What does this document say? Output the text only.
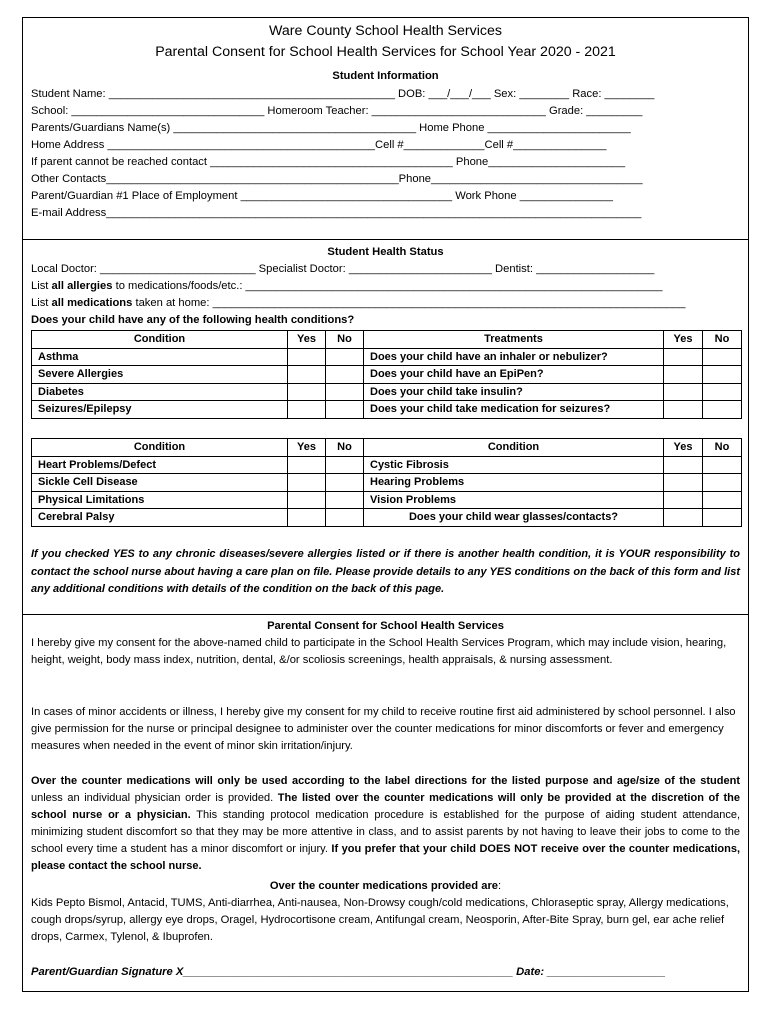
Ware County School Health Services
Parental Consent for School Health Services for School Year 2020 - 2021
Student Information
Student Name: ______________________________________________ DOB: ___/___/___ Sex: ________ Race: ________
School: _______________________________ Homeroom Teacher: ____________________________ Grade: _________
Parents/Guardians Name(s) _______________________________________ Home Phone _______________________
Home Address ___________________________________________Cell #_____________Cell #_______________
If parent cannot be reached contact _______________________________________ Phone______________________
Other Contacts_______________________________________________Phone__________________________________
Parent/Guardian #1 Place of Employment __________________________________ Work Phone _______________
E-mail Address______________________________________________________________________________________
Student Health Status
Local Doctor: _________________________ Specialist Doctor: _______________________ Dentist: ___________________
List all allergies to medications/foods/etc.: ___________________________________________________________________
List all medications taken at home: ____________________________________________________________________________
Does your child have any of the following health conditions?
Condition	Yes	No	Treatments	Yes	No
Asthma			Does your child have an inhaler or nebulizer?		
Severe Allergies			Does your child have an EpiPen?		
Diabetes			Does your child take insulin?		
Seizures/Epilepsy			Does your child take medication for seizures?		
Condition	Yes	No	Condition	Yes	No
Heart Problems/Defect			Cystic Fibrosis		
Sickle Cell Disease			Hearing Problems		
Physical Limitations			Vision Problems		
Cerebral Palsy			Does your child wear glasses/contacts?		
If you checked YES to any chronic diseases/severe allergies listed or if there is another health condition, it is YOUR responsibility to contact the school nurse about having a care plan on file. Please provide details to any YES conditions on the back of this form and list any additional conditions with details of the condition on the back of this page.
Parental Consent for School Health Services
I hereby give my consent for the above-named child to participate in the School Health Services Program, which may include vision, hearing, height, weight, body mass index, nutrition, dental, &/or scoliosis screenings, health appraisals, & nursing assessment.
In cases of minor accidents or illness, I hereby give my consent for my child to receive routine first aid administered by school personnel. I also give permission for the nurse or principal designee to administer over the counter medications for minor discomforts or fever and emergency measures when needed in the event of minor skin irritation/injury.
Over the counter medications will only be used according to the label directions for the listed purpose and age/size of the student unless an individual physician order is provided. The listed over the counter medications will only be provided at the discretion of the school nurse or a physician. This standing protocol medication procedure is established for the purpose of aiding student attendance, minimizing student discomfort so that they may be more attentive in class, and to assist parents by not having to leave their jobs to come to the school every time a student has a minor discomfort or injury. If you prefer that your child DOES NOT receive over the counter medications, please contact the school nurse.
Over the counter medications provided are:
Kids Pepto Bismol, Antacid, TUMS, Anti-diarrhea, Anti-nausea, Non-Drowsy cough/cold medications, Chloraseptic spray, Allergy medications, cough drops/syrup, allergy eye drops, Oragel, Hydrocortisone cream, Antifungal cream, Neosporin, After-Bite Spray, burn gel, ear ache relief drops, Carmex, Tylenol, & Ibuprofen.
Parent/Guardian Signature X_____________________________________________________ Date: ___________________
